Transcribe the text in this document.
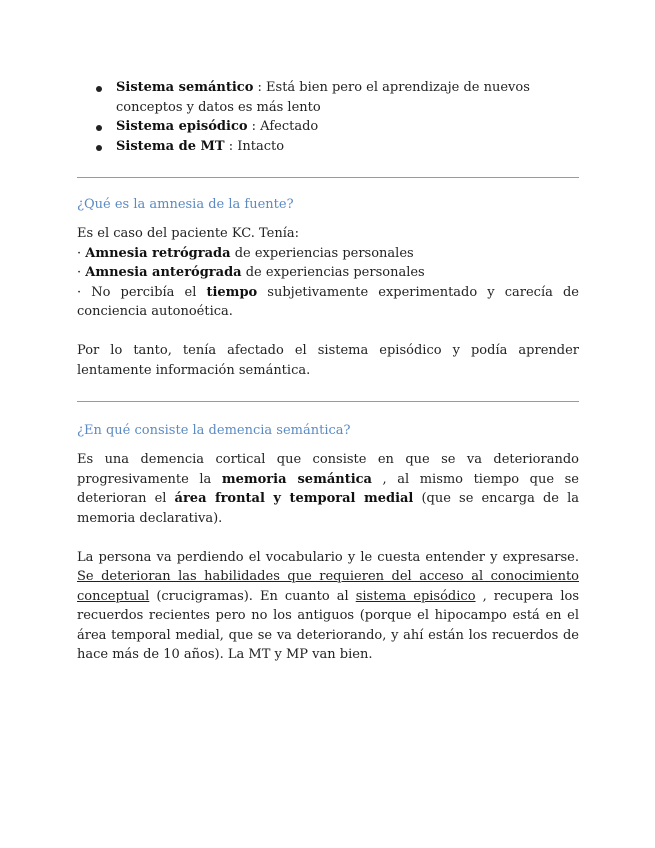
Sistema semántico : Está bien pero el aprendizaje de nuevos conceptos y datos es más lento
Sistema episódico : Afectado
Sistema de MT : Intacto
¿Qué es la amnesia de la fuente?

Es el caso del paciente KC. Tenía:

· Amnesia retrógrada de experiencias personales

· Amnesia anterógrada de experiencias personales

· No percibía el tiempo subjetivamente experimentado y carecía de conciencia autonoética.

Por lo tanto, tenía afectado el sistema episódico y podía aprender lentamente información semántica.

¿En qué consiste la demencia semántica?

Es una demencia cortical que consiste en que se va deteriorando progresivamente la memoria semántica , al mismo tiempo que se deterioran el área frontal y temporal medial (que se encarga de la memoria declarativa).

La persona va perdiendo el vocabulario y le cuesta entender y expresarse. Se deterioran las habilidades que requieren del acceso al conocimiento conceptual (crucigramas). En cuanto al sistema episódico , recupera los recuerdos recientes pero no los antiguos (porque el hipocampo está en el área temporal medial, que se va deteriorando, y ahí están los recuerdos de hace más de 10 años). La MT y MP van bien.
